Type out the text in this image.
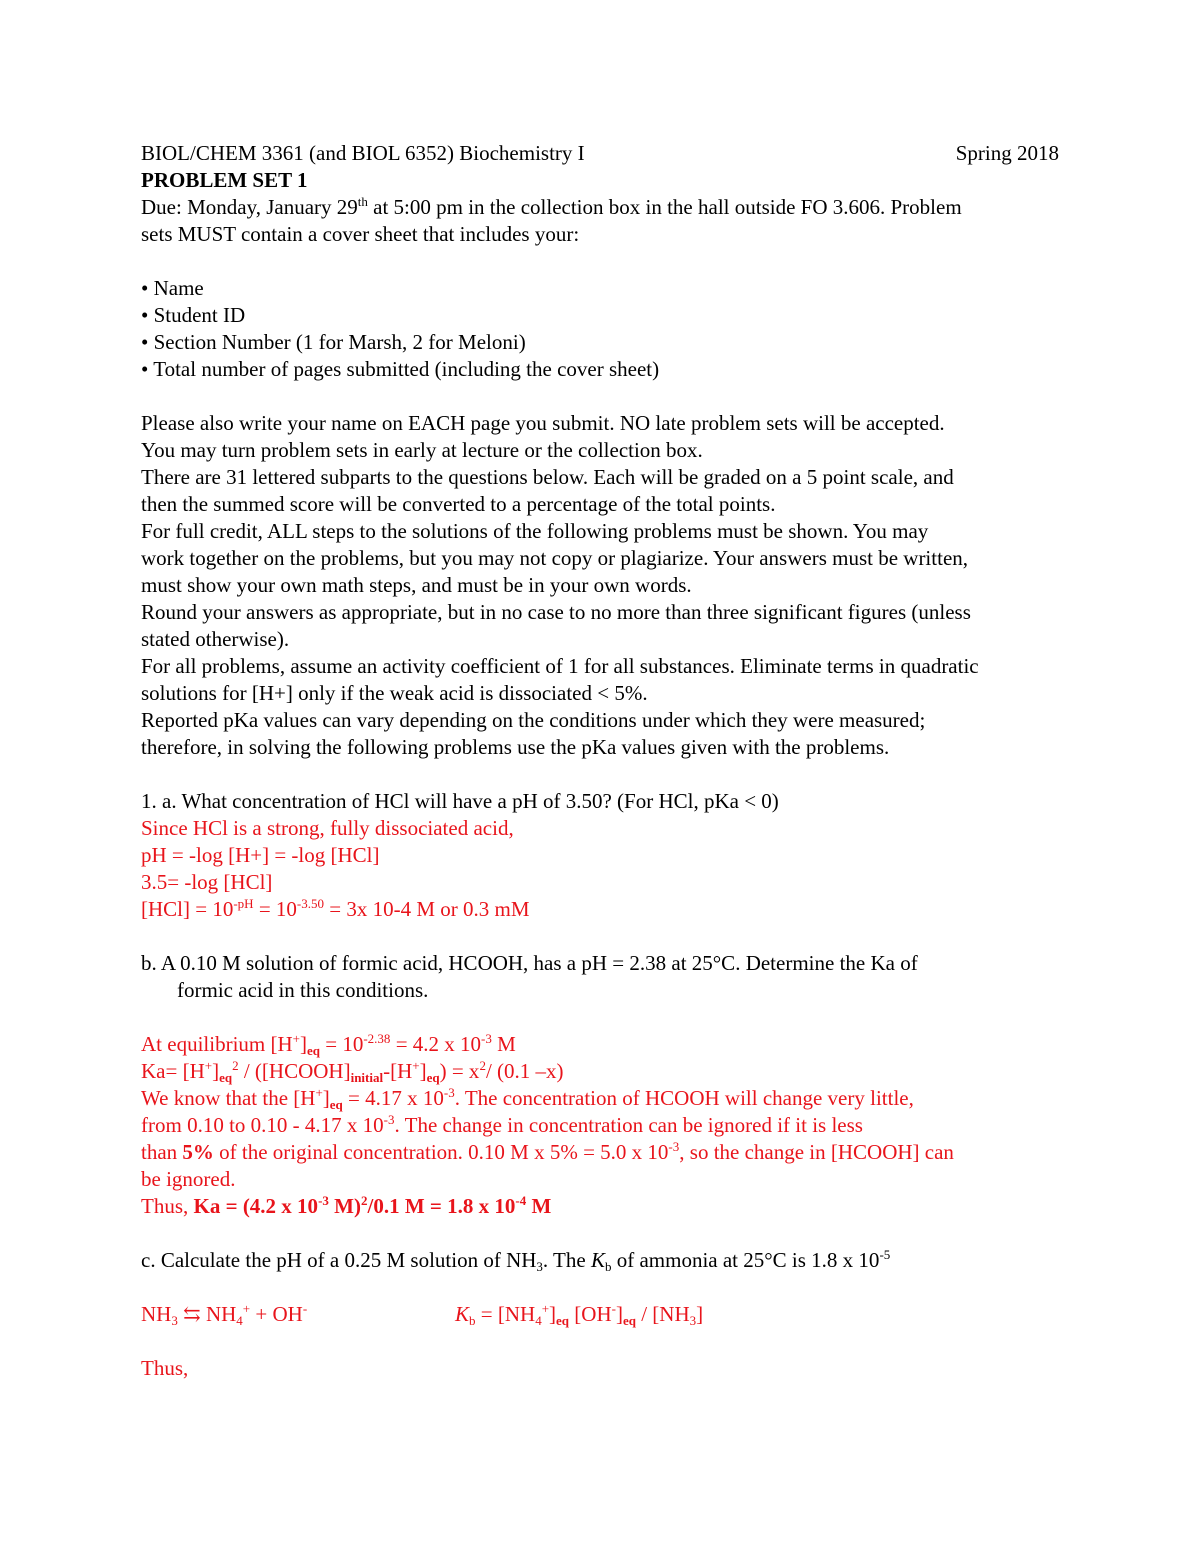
BIOL/CHEM 3361 (and BIOL 6352) Biochemistry I	Spring 2018
PROBLEM SET 1
Due: Monday, January 29th at 5:00 pm in the collection box in the hall outside FO 3.606. Problem
sets MUST contain a cover sheet that includes your:
• Name
• Student ID
• Section Number (1 for Marsh, 2 for Meloni)
• Total number of pages submitted (including the cover sheet)
Please also write your name on EACH page you submit. NO late problem sets will be accepted.
You may turn problem sets in early at lecture or the collection box.
There are 31 lettered subparts to the questions below. Each will be graded on a 5 point scale, and
then the summed score will be converted to a percentage of the total points.
For full credit, ALL steps to the solutions of the following problems must be shown. You may
work together on the problems, but you may not copy or plagiarize. Your answers must be written,
must show your own math steps, and must be in your own words.
Round your answers as appropriate, but in no case to no more than three significant figures (unless
stated otherwise).
For all problems, assume an activity coefficient of 1 for all substances. Eliminate terms in quadratic
solutions for [H+] only if the weak acid is dissociated < 5%.
Reported pKa values can vary depending on the conditions under which they were measured;
therefore, in solving the following problems use the pKa values given with the problems.
1. a. What concentration of HCl will have a pH of 3.50? (For HCl, pKa < 0)
Since HCl is a strong, fully dissociated acid,
pH = -log [H+] = -log [HCl]
3.5= -log [HCl]
$[HCl] = 10^{-pH} = 10^{-3.50} = 3x$ 10-4 M or 0.3 mM
b. A 0.10 M solution of formic acid, HCOOH, has a pH = 2.38 at 25°C. Determine the Ka of
formic acid in this conditions.
At equilibrium $[H^+]eq = 10^{-2.38} = 4.2$ x $10^{-3}$ M
$Ka= [H^+]eq^2$ / ([HCOOH]initial-[H+]eq) = $x^2/$ (0.1 –x)
We know that the [H+]eq = 4.17 x $10^{-3}$. The concentration of HCOOH will change very little,
from 0.10 to 0.10 - 4.17 x $10^{-3}$. The change in concentration can be ignored if it is less
than 5% of the original concentration. 0.10 M x 5% = 5.0 x $10^{-3}$, so the change in [HCOOH] can
be ignored.
Thus, Ka = (4.2 x $10^{-3}$ M)$^2$/0.1 M = 1.8 x $10^{-4}$ M
c. Calculate the pH of a 0.25 M solution of $NH_3$. The $K_b$ of ammonia at 25°C is 1.8 x $10^{-5}$
$NH_3$ ⇆ $NH_4^+ + OH^-$	$K_b = [NH_4^+]eq$ $[OH^-]eq / [NH_3]$
Thus,
